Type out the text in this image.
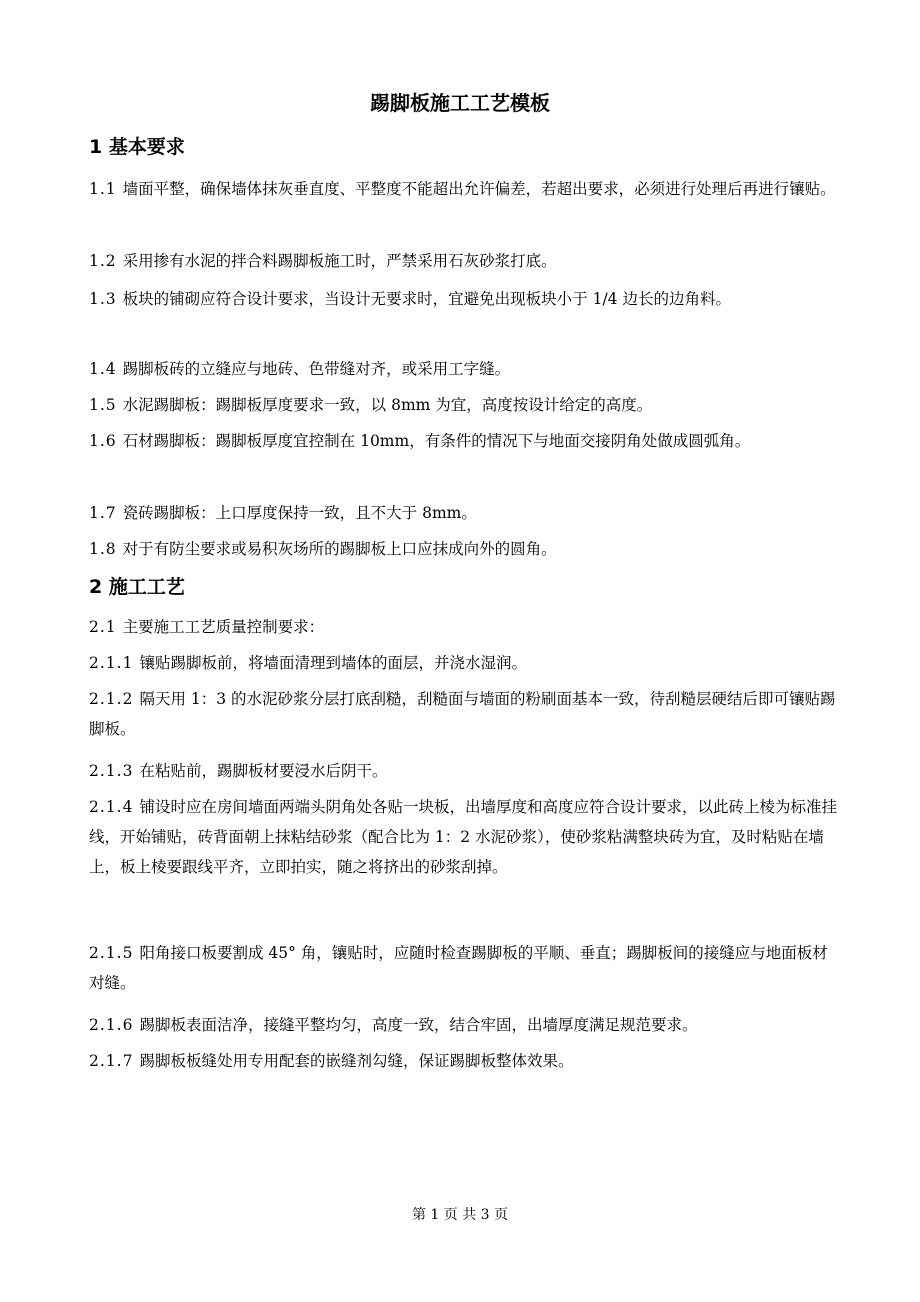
踢脚板施工工艺模板
1 基本要求
1.1 墙面平整，确保墙体抹灰垂直度、平整度不能超出允许偏差，若超出要求，必须进行处理后再进行镶贴。
1.2 采用掺有水泥的拌合料踢脚板施工时，严禁采用石灰砂浆打底。
1.3 板块的铺砌应符合设计要求，当设计无要求时，宜避免出现板块小于 1/4 边长的边角料。
1.4 踢脚板砖的立缝应与地砖、色带缝对齐，或采用工字缝。
1.5 水泥踢脚板：踢脚板厚度要求一致，以 8mm 为宜，高度按设计给定的高度。
1.6 石材踢脚板：踢脚板厚度宜控制在 10mm，有条件的情况下与地面交接阴角处做成圆弧角。
1.7 瓷砖踢脚板：上口厚度保持一致，且不大于 8mm。
1.8 对于有防尘要求或易积灰场所的踢脚板上口应抹成向外的圆角。
2 施工工艺
2.1 主要施工工艺质量控制要求：
2.1.1 镶贴踢脚板前，将墙面清理到墙体的面层，并浇水湿润。
2.1.2 隔天用 1：3 的水泥砂浆分层打底刮糙，刮糙面与墙面的粉刷面基本一致，待刮糙层硬结后即可镶贴踢脚板。
2.1.3 在粘贴前，踢脚板材要浸水后阴干。
2.1.4 铺设时应在房间墙面两端头阴角处各贴一块板，出墙厚度和高度应符合设计要求，以此砖上棱为标准挂线，开始铺贴，砖背面朝上抹粘结砂浆（配合比为 1：2 水泥砂浆），使砂浆粘满整块砖为宜，及时粘贴在墙上，板上棱要跟线平齐，立即拍实，随之将挤出的砂浆刮掉。
2.1.5 阳角接口板要割成 45° 角，镶贴时，应随时检查踢脚板的平顺、垂直；踢脚板间的接缝应与地面板材对缝。
2.1.6 踢脚板表面洁净，接缝平整均匀，高度一致，结合牢固，出墙厚度满足规范要求。
2.1.7 踢脚板板缝处用专用配套的嵌缝剂勾缝，保证踢脚板整体效果。
第 1 页 共 3 页
